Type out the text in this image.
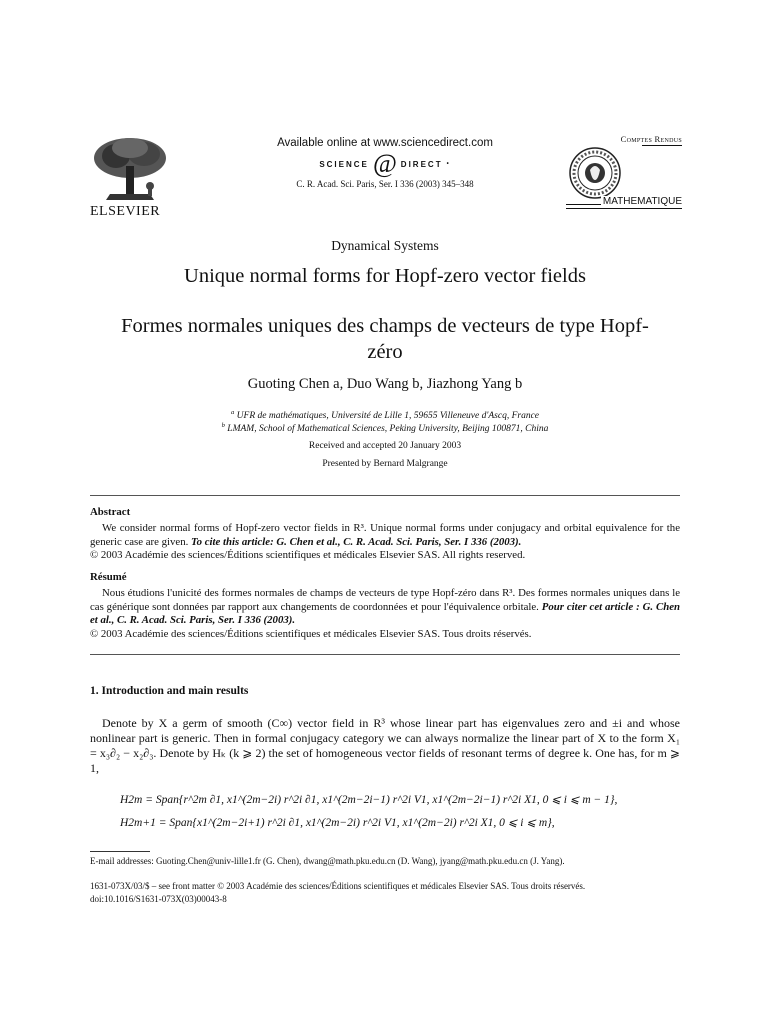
ELSEVIER
Available online at www.sciencedirect.com
SCIENCE @ DIRECT •
C. R. Acad. Sci. Paris, Ser. I 336 (2003) 345–348
Comptes Rendus
MATHEMATIQUE
Dynamical Systems
Unique normal forms for Hopf-zero vector fields
Formes normales uniques des champs de vecteurs de type Hopf-zéro
Guoting Chen a, Duo Wang b, Jiazhong Yang b
$^a$ UFR de mathématiques, Université de Lille 1, 59655 Villeneuve d'Ascq, France
$^b$ LMAM, School of Mathematical Sciences, Peking University, Beijing 100871, China
Received and accepted 20 January 2003
Presented by Bernard Malgrange
Abstract
We consider normal forms of Hopf-zero vector fields in R³. Unique normal forms under conjugacy and orbital equivalence for the generic case are given. To cite this article: G. Chen et al., C. R. Acad. Sci. Paris, Ser. I 336 (2003).
© 2003 Académie des sciences/Éditions scientifiques et médicales Elsevier SAS. All rights reserved.
Résumé
Nous étudions l'unicité des formes normales de champs de vecteurs de type Hopf-zéro dans R³. Des formes normales uniques dans le cas générique sont données par rapport aux changements de coordonnées et pour l'équivalence orbitale. Pour citer cet article : G. Chen et al., C. R. Acad. Sci. Paris, Ser. I 336 (2003).
© 2003 Académie des sciences/Éditions scientifiques et médicales Elsevier SAS. Tous droits réservés.
1. Introduction and main results
Denote by X a germ of smooth (C∞) vector field in R³ whose linear part has eigenvalues zero and ±i and whose nonlinear part is generic. Then in formal conjugacy category we can always normalize the linear part of X to the form X₁ = x₃∂₂ − x₂∂₃. Denote by Hₖ (k ⩾ 2) the set of homogeneous vector fields of resonant terms of degree k. One has, for m ⩾ 1,
H2m = Span{r^2m ∂1, x1^(2m−2i) r^2i ∂1, x1^(2m−2i−1) r^2i V1, x1^(2m−2i−1) r^2i X1, 0 ⩽ i ⩽ m − 1},
H2m+1 = Span{x1^(2m−2i+1) r^2i ∂1, x1^(2m−2i) r^2i V1, x1^(2m−2i) r^2i X1, 0 ⩽ i ⩽ m},
E-mail addresses: Guoting.Chen@univ-lille1.fr (G. Chen), dwang@math.pku.edu.cn (D. Wang), jyang@math.pku.edu.cn (J. Yang).
1631-073X/03/$ – see front matter © 2003 Académie des sciences/Éditions scientifiques et médicales Elsevier SAS. Tous droits réservés.
doi:10.1016/S1631-073X(03)00043-8
